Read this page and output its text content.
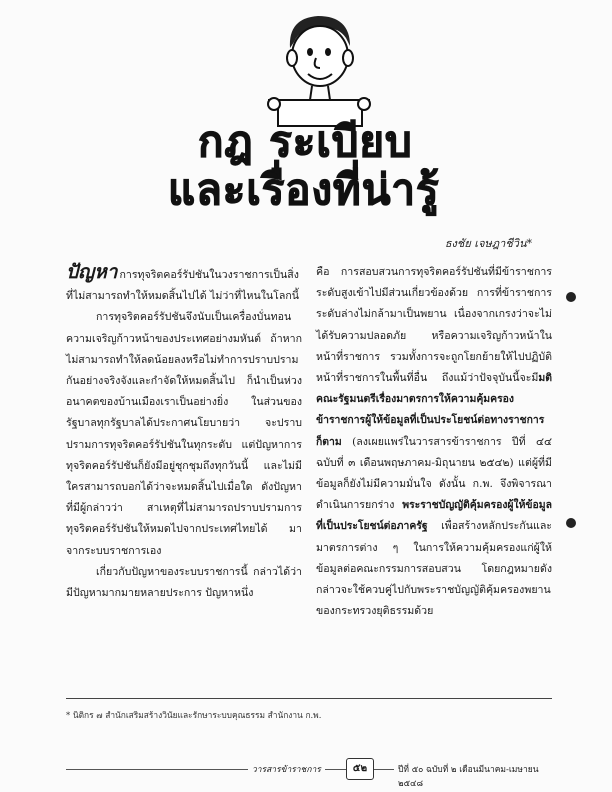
กฎ ระเบียบ
และเรื่องที่น่ารู้
ธงชัย เจษฎาชีวิน*

ปัญหา การทุจริตคอร์รัปชันในวงราชการเป็นสิ่งที่ไม่สามารถทำให้หมดสิ้นไปได้ ไม่ว่าที่ไหนในโลกนี้

การทุจริตคอร์รัปชันจึงนับเป็นเครื่องบั่นทอนความเจริญก้าวหน้าของประเทศอย่างมหันต์ ถ้าหากไม่สามารถทำให้ลดน้อยลงหรือไม่ทำการปราบปรามกันอย่างจริงจังและกำจัดให้หมดสิ้นไป ก็นำเป็นห่วงอนาคตของบ้านเมืองเราเป็นอย่างยิ่ง ในส่วนของรัฐบาลทุกรัฐบาลได้ประกาศนโยบายว่า จะปราบปรามการทุจริตคอร์รัปชันในทุกระดับ แต่ปัญหาการทุจริตคอร์รัปชันก็ยังมีอยู่ชุกชุมถึงทุกวันนี้ และไม่มีใครสามารถบอกได้ว่าจะหมดสิ้นไปเมื่อใด ดังปัญหาที่มีผู้กล่าวว่า สาเหตุที่ไม่สามารถปราบปรามการทุจริตคอร์รัปชันให้หมดไปจากประเทศไทยได้ มาจากระบบราชการเอง

เกี่ยวกับปัญหาของระบบราชการนี้ กล่าวได้ว่ามีปัญหามากมายหลายประการ ปัญหาหนึ่ง

คือ การสอบสวนการทุจริตคอร์รัปชันที่มีข้าราชการระดับสูงเข้าไปมีส่วนเกี่ยวข้องด้วย การที่ข้าราชการระดับล่างไม่กล้ามาเป็นพยาน เนื่องจากเกรงว่าจะไม่ได้รับความปลอดภัย หรือความเจริญก้าวหน้าในหน้าที่ราชการ รวมทั้งการจะถูกโยกย้ายให้ไปปฏิบัติหน้าที่ราชการในพื้นที่อื่น ถึงแม้ว่าปัจจุบันนี้จะมีมติคณะรัฐมนตรีเรื่องมาตรการให้ความคุ้มครองข้าราชการผู้ให้ข้อมูลที่เป็นประโยชน์ต่อทางราชการก็ตาม (ลงเผยแพร่ในวารสารข้าราชการ ปีที่ ๔๔ ฉบับที่ ๓ เดือนพฤษภาคม-มิถุนายน ๒๕๔๒) แต่ผู้ที่มีข้อมูลก็ยังไม่มีความมั่นใจ ดังนั้น ก.พ. จึงพิจารณาดำเนินการยกร่าง พระราชบัญญัติคุ้มครองผู้ให้ข้อมูลที่เป็นประโยชน์ต่อภาครัฐ เพื่อสร้างหลักประกันและมาตรการต่าง ๆ ในการให้ความคุ้มครองแก่ผู้ให้ข้อมูลต่อคณะกรรมการสอบสวน โดยกฎหมายดังกล่าวจะใช้ควบคู่ไปกับพระราชบัญญัติคุ้มครองพยานของกระทรวงยุติธรรมด้วย

* นิติกร ๗ สำนักเสริมสร้างวินัยและรักษาระบบคุณธรรม สำนักงาน ก.พ.
วารสารข้าราชการ	๕๒	ปีที่ ๕๐ ฉบับที่ ๒ เดือนมีนาคม-เมษายน ๒๕๔๘
